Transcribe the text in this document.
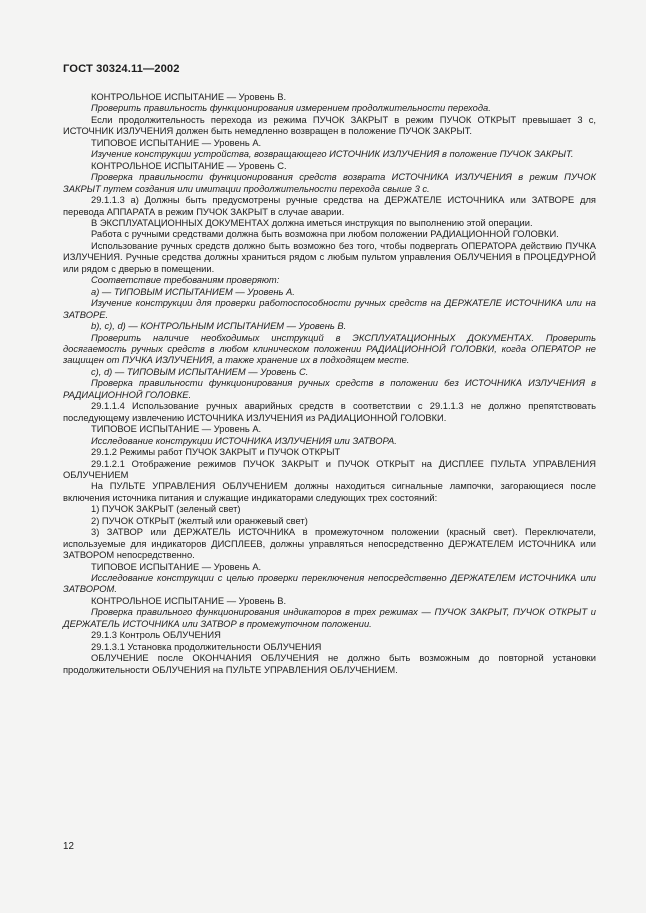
ГОСТ 30324.11—2002

КОНТРОЛЬНОЕ ИСПЫТАНИЕ — Уровень В.

Проверить правильность функционирования измерением продолжительности перехода.

Если продолжительность перехода из режима ПУЧОК ЗАКРЫТ в режим ПУЧОК ОТКРЫТ превышает 3 с, ИСТОЧНИК ИЗЛУЧЕНИЯ должен быть немедленно возвращен в положение ПУЧОК ЗАКРЫТ.

ТИПОВОЕ ИСПЫТАНИЕ — Уровень А.

Изучение конструкции устройства, возвращающего ИСТОЧНИК ИЗЛУЧЕНИЯ в положение ПУЧОК ЗАКРЫТ.

КОНТРОЛЬНОЕ ИСПЫТАНИЕ — Уровень С.

Проверка правильности функционирования средств возврата ИСТОЧНИКА ИЗЛУЧЕНИЯ в режим ПУЧОК ЗАКРЫТ путем создания или имитации продолжительности перехода свыше 3 с.

29.1.1.3 а) Должны быть предусмотрены ручные средства на ДЕРЖАТЕЛЕ ИСТОЧНИКА или ЗАТВОРЕ для перевода АППАРАТА в режим ПУЧОК ЗАКРЫТ в случае аварии.

В ЭКСПЛУАТАЦИОННЫХ ДОКУМЕНТАХ должна иметься инструкция по выполнению этой операции.

Работа с ручными средствами должна быть возможна при любом положении РАДИАЦИОННОЙ ГОЛОВКИ.

Использование ручных средств должно быть возможно без того, чтобы подвергать ОПЕРАТОРА действию ПУЧКА ИЗЛУЧЕНИЯ. Ручные средства должны храниться рядом с любым пультом управления ОБЛУЧЕНИЯ в ПРОЦЕДУРНОЙ или рядом с дверью в помещении.

Соответствие требованиям проверяют:

а) — ТИПОВЫМ ИСПЫТАНИЕМ — Уровень А.

Изучение конструкции для проверки работоспособности ручных средств на ДЕРЖАТЕЛЕ ИСТОЧНИКА или на ЗАТВОРЕ.

b), с), d) — КОНТРОЛЬНЫМ ИСПЫТАНИЕМ — Уровень В.

Проверить наличие необходимых инструкций в ЭКСПЛУАТАЦИОННЫХ ДОКУМЕНТАХ. Проверить досягаемость ручных средств в любом клиническом положении РАДИАЦИОННОЙ ГОЛОВКИ, когда ОПЕРАТОР не защищен от ПУЧКА ИЗЛУЧЕНИЯ, а также хранение их в подходящем месте.

с), d) — ТИПОВЫМ ИСПЫТАНИЕМ — Уровень С.

Проверка правильности функционирования ручных средств в положении без ИСТОЧНИКА ИЗЛУЧЕНИЯ в РАДИАЦИОННОЙ ГОЛОВКЕ.

29.1.1.4 Использование ручных аварийных средств в соответствии с 29.1.1.3 не должно препятствовать последующему извлечению ИСТОЧНИКА ИЗЛУЧЕНИЯ из РАДИАЦИОННОЙ ГОЛОВКИ.

ТИПОВОЕ ИСПЫТАНИЕ — Уровень А.

Исследование конструкции ИСТОЧНИКА ИЗЛУЧЕНИЯ или ЗАТВОРА.

29.1.2 Режимы работ ПУЧОК ЗАКРЫТ и ПУЧОК ОТКРЫТ

29.1.2.1 Отображение режимов ПУЧОК ЗАКРЫТ и ПУЧОК ОТКРЫТ на ДИСПЛЕЕ ПУЛЬТА УПРАВЛЕНИЯ ОБЛУЧЕНИЕМ

На ПУЛЬТЕ УПРАВЛЕНИЯ ОБЛУЧЕНИЕМ должны находиться сигнальные лампочки, загорающиеся после включения источника питания и служащие индикаторами следующих трех состояний:

1) ПУЧОК ЗАКРЫТ (зеленый свет)

2) ПУЧОК ОТКРЫТ (желтый или оранжевый свет)

3) ЗАТВОР или ДЕРЖАТЕЛЬ ИСТОЧНИКА в промежуточном положении (красный свет). Переключатели, используемые для индикаторов ДИСПЛЕЕВ, должны управляться непосредственно ДЕРЖАТЕЛЕМ ИСТОЧНИКА или ЗАТВОРОМ непосредственно.

ТИПОВОЕ ИСПЫТАНИЕ — Уровень А.

Исследование конструкции с целью проверки переключения непосредственно ДЕРЖАТЕЛЕМ ИСТОЧНИКА или ЗАТВОРОМ.

КОНТРОЛЬНОЕ ИСПЫТАНИЕ — Уровень В.

Проверка правильного функционирования индикаторов в трех режимах — ПУЧОК ЗАКРЫТ, ПУЧОК ОТКРЫТ и ДЕРЖАТЕЛЬ ИСТОЧНИКА или ЗАТВОР в промежуточном положении.

29.1.3 Контроль ОБЛУЧЕНИЯ

29.1.3.1 Установка продолжительности ОБЛУЧЕНИЯ

ОБЛУЧЕНИЕ после ОКОНЧАНИЯ ОБЛУЧЕНИЯ не должно быть возможным до повторной установки продолжительности ОБЛУЧЕНИЯ на ПУЛЬТЕ УПРАВЛЕНИЯ ОБЛУЧЕНИЕМ.

12
